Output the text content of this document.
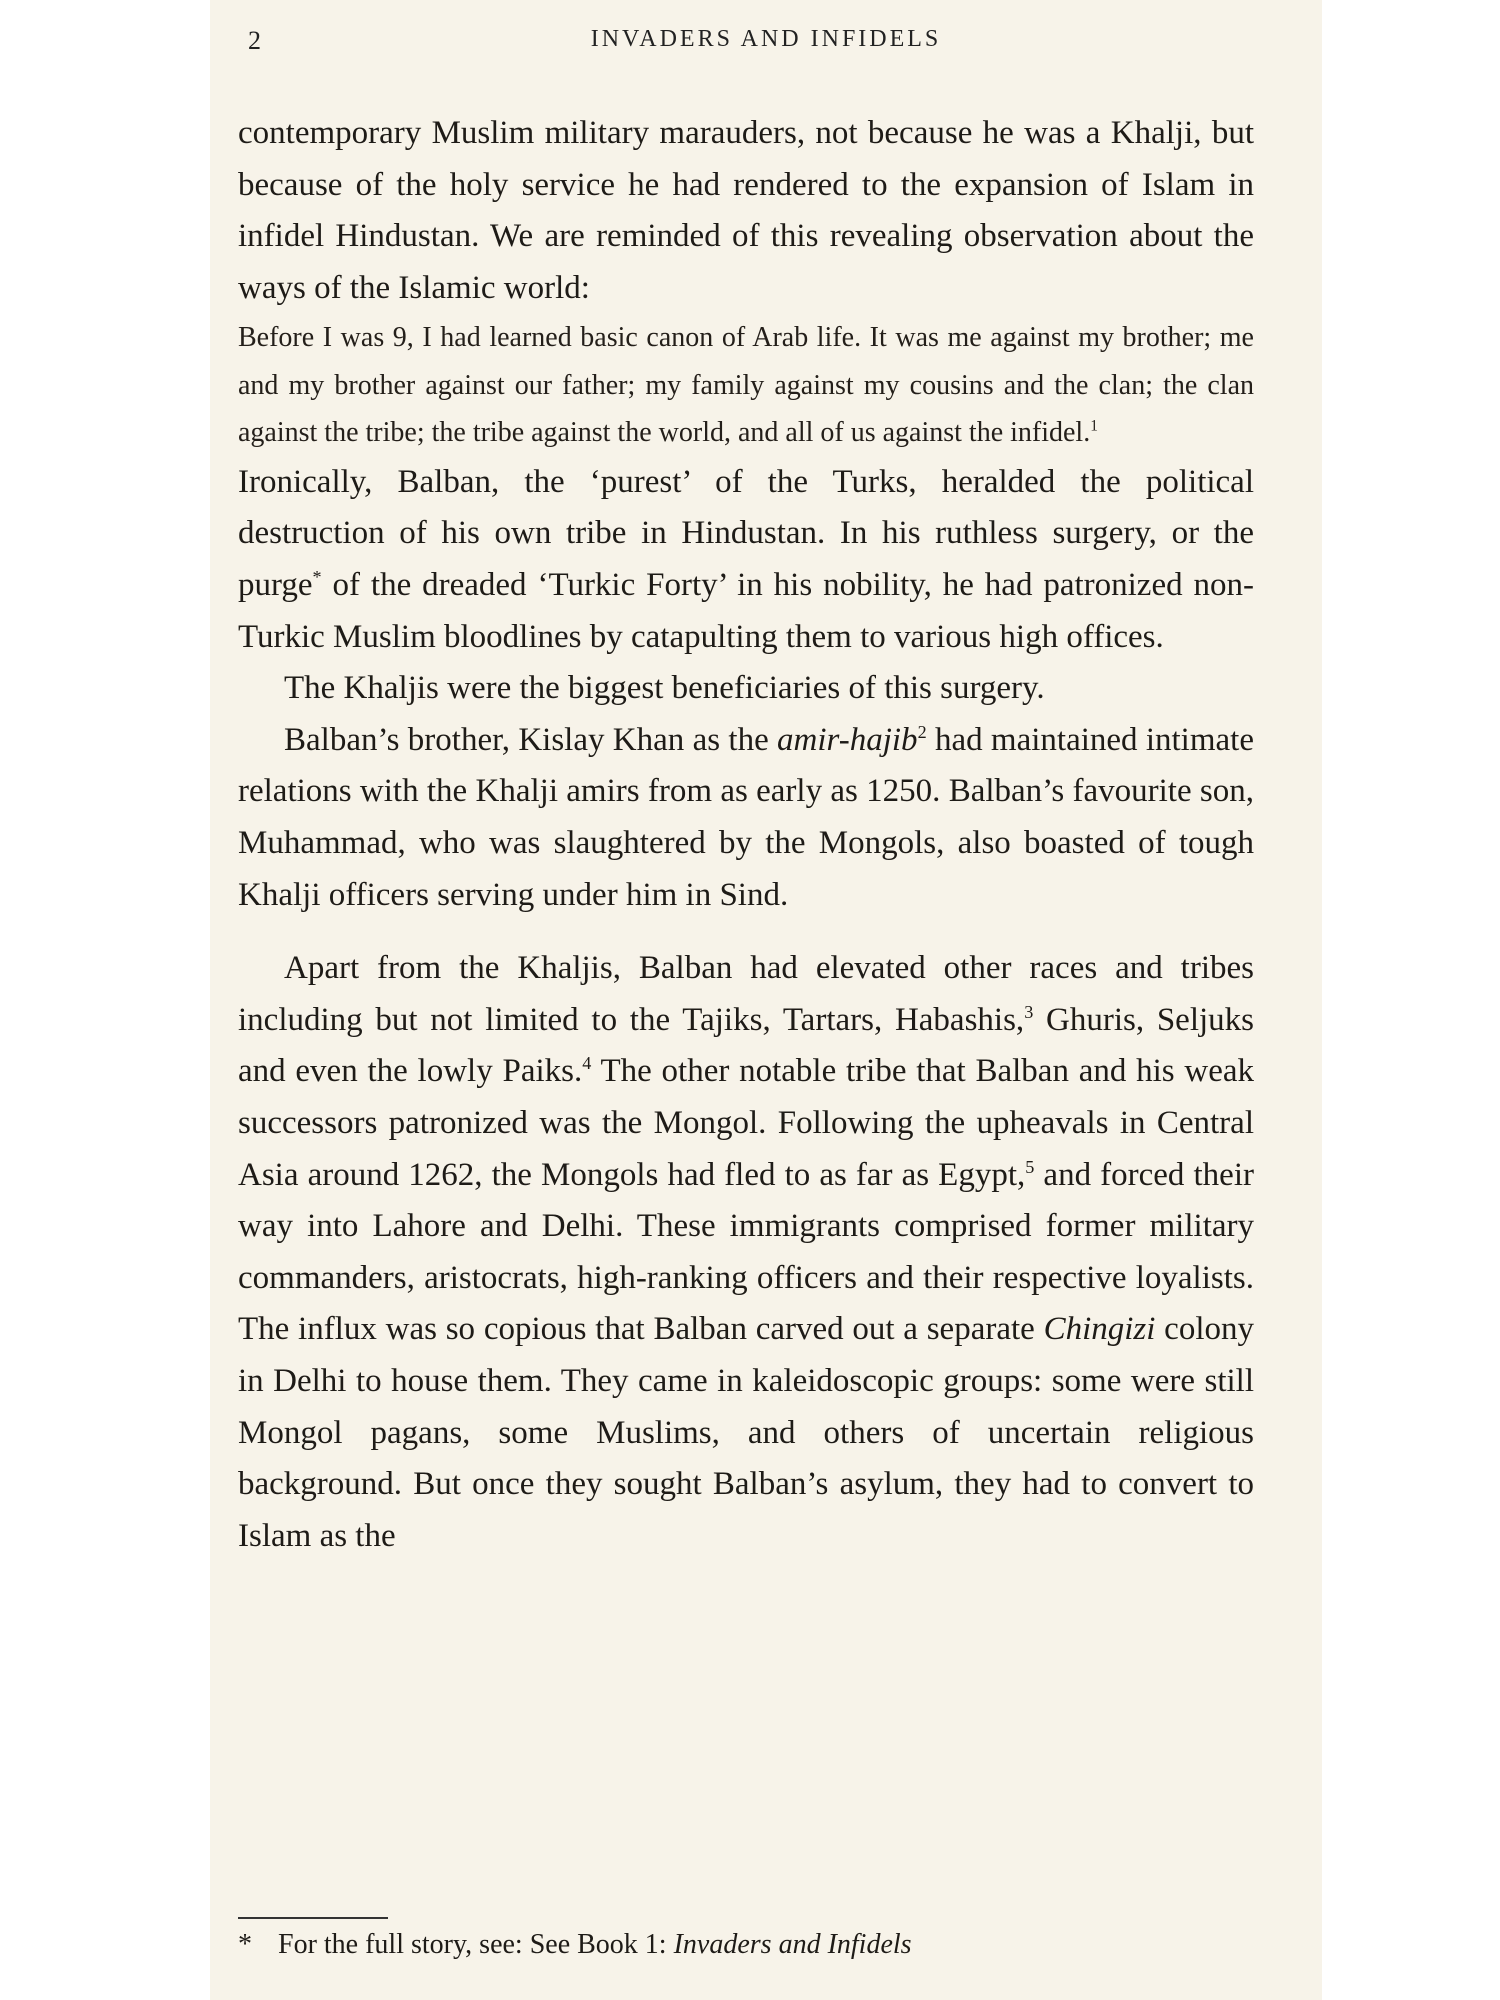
2	INVADERS AND INFIDELS

contemporary Muslim military marauders, not because he was a Khalji, but because of the holy service he had rendered to the expansion of Islam in infidel Hindustan. We are reminded of this revealing observation about the ways of the Islamic world:

Before I was 9, I had learned basic canon of Arab life. It was me against my brother; me and my brother against our father; my family against my cousins and the clan; the clan against the tribe; the tribe against the world, and all of us against the infidel.$^1$

Ironically, Balban, the ‘purest’ of the Turks, heralded the political destruction of his own tribe in Hindustan. In his ruthless surgery, or the purge* of the dreaded ‘Turkic Forty’ in his nobility, he had patronized non-Turkic Muslim bloodlines by catapulting them to various high offices.

The Khaljis were the biggest beneficiaries of this surgery.

Balban’s brother, Kislay Khan as the amir-hajib$^2$ had maintained intimate relations with the Khalji amirs from as early as 1250. Balban’s favourite son, Muhammad, who was slaughtered by the Mongols, also boasted of tough Khalji officers serving under him in Sind.

Apart from the Khaljis, Balban had elevated other races and tribes including but not limited to the Tajiks, Tartars, Habashis,$^3$ Ghuris, Seljuks and even the lowly Paiks.$^4$ The other notable tribe that Balban and his weak successors patronized was the Mongol. Following the upheavals in Central Asia around 1262, the Mongols had fled to as far as Egypt,$^5$ and forced their way into Lahore and Delhi. These immigrants comprised former military commanders, aristocrats, high-ranking officers and their respective loyalists. The influx was so copious that Balban carved out a separate Chingizi colony in Delhi to house them. They came in kaleidoscopic groups: some were still Mongol pagans, some Muslims, and others of uncertain religious background. But once they sought Balban’s asylum, they had to convert to Islam as the

* For the full story, see: See Book 1: Invaders and Infidels
